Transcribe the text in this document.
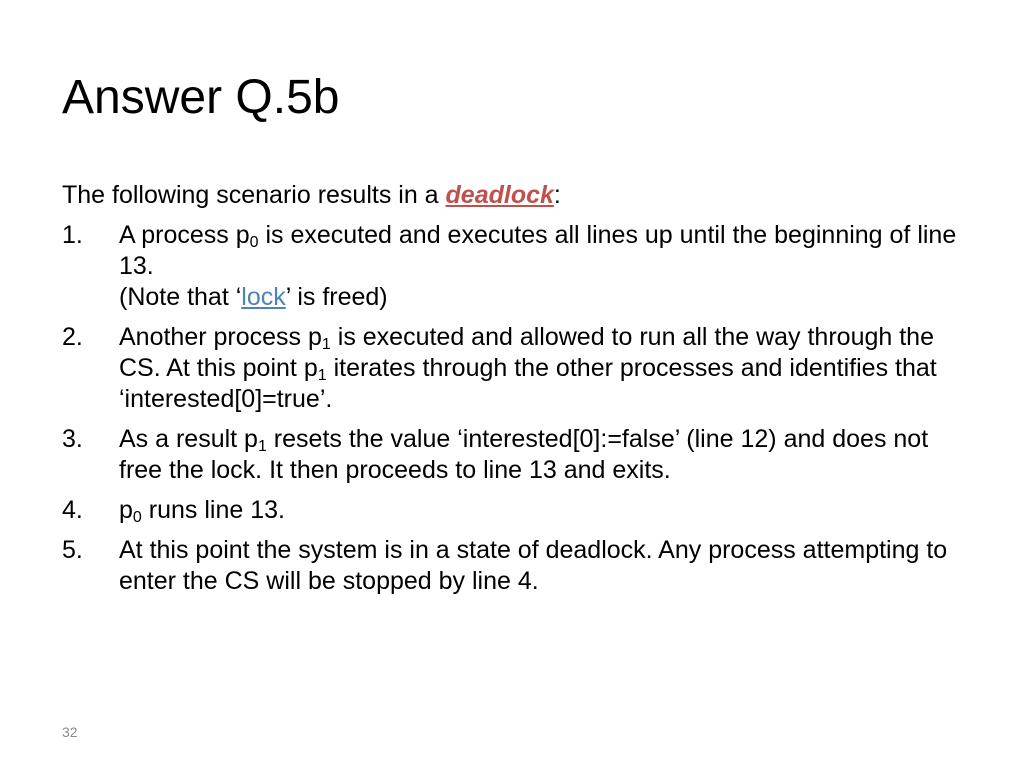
Answer Q.5b

The following scenario results in a deadlock:

1. A process $p_0$ is executed and executes all lines up until the beginning of line 13.
(Note that ‘lock’ is freed)
2. Another process $p_1$ is executed and allowed to run all the way through the CS. At this point $p_1$ iterates through the other processes and identifies that ‘interested[0]=true’.
3. As a result $p_1$ resets the value ‘interested[0]:=false’ (line 12) and does not free the lock. It then proceeds to line 13 and exits.
4. $p_0$ runs line 13.
5. At this point the system is in a state of deadlock. Any process attempting to enter the CS will be stopped by line 4.
32
